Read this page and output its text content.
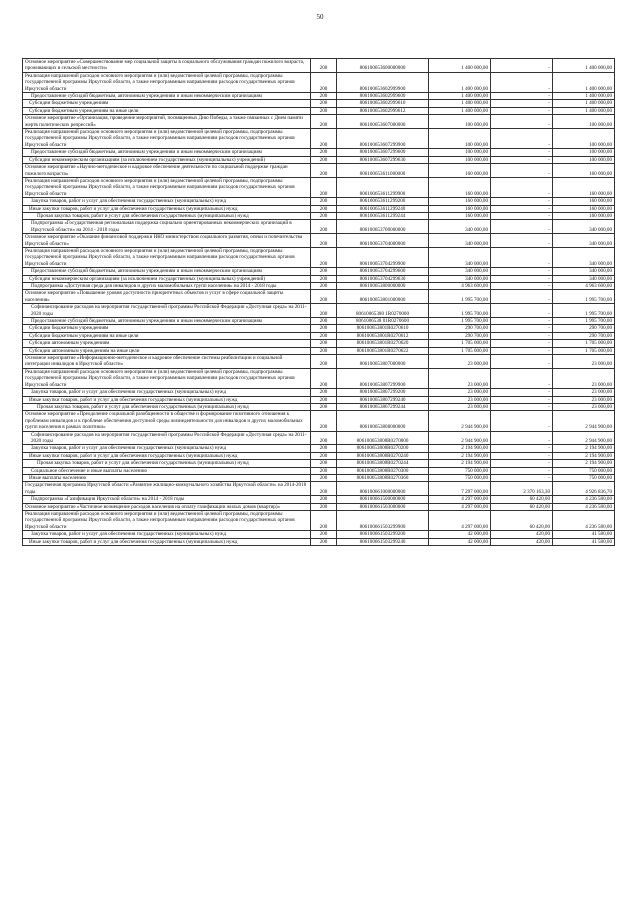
50
Основное мероприятие «Совершенствование мер социальной защиты в социального обслуживания граждан пожилого возраста, проживающих в сельской местности»	200	806100653600000000	1 400 000,00	-	1 400 000,00
Реализация направлений расходов основного мероприятия и (или) ведомственной целевой программы, подпрограммы государственной программы Иркутской области, а также непрограммным направлениям расходов государственных органов Иркутской области	200	806100653602999900	1 400 000,00	-	1 400 000,00
Предоставление субсидий бюджетным, автономным учреждениям и иным некоммерческим организациям	200	806100653602999600	1 400 000,00	-	1 400 000,00
Субсидии бюджетным учреждениям	200	806100653602999610	1 400 000,00	-	1 400 000,00
Субсидии бюджетным учреждениям на иные цели	200	806100653602999612	1 400 000,00	-	1 400 000,00
Основное мероприятие «Организация, проведение мероприятий, посвященных Дню Победы, а также связанных с Днем памяти жертв политических репрессий»	200	806100653607000000	100 000,00	-	100 000,00
Реализация направлений расходов основного мероприятия и (или) ведомственной целевой программы, подпрограммы государственной программы Иркутской области, а также непрограммным направлениям расходов государственных органов Иркутской области	200	806100653607299900	100 000,00	-	100 000,00
Предоставление субсидий бюджетным, автономным учреждениям и иным некоммерческим организациям	200	806100653607299600	100 000,00	-	100 000,00
Субсидии некоммерческим организациям (за исключением государственных (муниципальных) учреждений)	200	806100653607299630	100 000,00	-	100 000,00
Основное мероприятие «Научно-методическое и кадровое обеспечение деятельности по социальной поддержке граждан пожилого возраста»	200	806100653611000000	160 000,00	-	160 000,00
Реализация направлений расходов основного мероприятия и (или) ведомственной целевой программы, подпрограммы государственной программы Иркутской области, а также непрограммным направлениям расходов государственных органов Иркутской области	200	806100653611299900	160 000,00	-	160 000,00
Закупка товаров, работ и услуг для обеспечения государственных (муниципальных) нужд	200	806100653611299200	160 000,00	-	160 000,00
Иные закупки товаров, работ и услуг для обеспечения государственных (муниципальных) нужд	200	806100653611299240	160 000,00	-	160 000,00
Прочая закупка товаров, работ и услуг для обеспечения государственных (муниципальных) нужд	200	806100653611299244	160 000,00	-	160 000,00
Подпрограмма «Государственная региональная поддержка социально ориентированных некоммерческих организаций в Иркутской области» на 2014 - 2018 годы	200	806100653700000000	340 000,00	-	340 000,00
Основное мероприятие «Оказание финансовой поддержки НКО министерством социального развития, опеки и попечительства Иркутской области»	200	806100653704000000	340 000,00	-	340 000,00
Реализация направлений расходов основного мероприятия и (или) ведомственной целевой программы, подпрограммы государственной программы Иркутской области, а также непрограммным направлениям расходов государственных органов Иркутской области	200	806100653704299900	340 000,00	-	340 000,00
Предоставление субсидий бюджетным, автономным учреждениям и иным некоммерческим организациям	200	806100653704299600	340 000,00	-	340 000,00
Субсидии некоммерческим организациям (за исключением государственных (муниципальных) учреждений)	200	806100653704299630	340 000,00	-	340 000,00
Подпрограмма «Доступная среда для инвалидов и других маломобильных групп населения» на 2014 - 2018 годы	200	806100653800000000	4 963 600,00	-	4 963 600,00
Основное мероприятие «Повышение уровня доступности приоритетных объектов и услуг в сфере социальной защиты населения»	200	806100653801000000	1 995 700,00	-	1 995 700,00
Софинансирование расходов на мероприятия государственной программы Российской Федерации «Доступная среда» на 2011-2020 годы	200	80610065380 1R0270000	1 995 700,00	-	1 995 700,00
Предоставление субсидий бюджетным, автономным учреждениям и иным некоммерческим организациям	200	8061006538 01R0270600	1 995 700,00	-	1 995 700,00
Субсидии бюджетным учреждениям	200	806100653801R0270610	290 700,00	-	290 700,00
Субсидии бюджетным учреждениям на иные цели	200	806100653801R0270612	290 700,00	-	290 700,00
Субсидии автономным учреждениям	200	806100653801R0270620	1 705 000,00	-	1 705 000,00
Субсидии автономным учреждениям на иные цели	200	806100653801R0270622	1 705 000,00	-	1 705 000,00
Основное мероприятие «Информационно-методическое и кадровое обеспечение системы реабилитации и социальной интеграции инвалидов в Иркутской области»	200	806100653807000000	23 000,00	-	23 000,00
Реализация направлений расходов основного мероприятия и (или) ведомственной целевой программы, подпрограммы государственной программы Иркутской области, а также непрограммным направлениям расходов государственных органов Иркутской области	200	806100653807299900	23 000,00	-	23 000,00
Закупка товаров, работ и услуг для обеспечения государственных (муниципальных) нужд	200	806100653807299200	23 000,00	-	23 000,00
Иные закупки товаров, работ и услуг для обеспечения государственных (муниципальных) нужд	200	806100653807299240	23 000,00	-	23 000,00
Прочая закупка товаров, работ и услуг для обеспечения государственных (муниципальных) нужд	200	806100653807299244	23 000,00	-	23 000,00
Основное мероприятие «Преодоление социальной разобщенности в обществе и формирование позитивного отношения к проблемам инвалидов и к проблеме обеспечения доступной среды жизнедеятельности для инвалидов и других маломобильных групп населения в рамках политики»	200	806100653808000000	2 944 900,00	-	2 944 900,00
Софинансирование расходов на мероприятия государственной программы Российской Федерации «Доступная среда» на 2011-2020 годы	200	806100653808R0270000	2 944 900,00	-	2 944 900,00
Закупка товаров, работ и услуг для обеспечения государственных (муниципальных) нужд	200	806100653808R0270200	2 194 900,00	-	2 194 900,00
Иные закупки товаров, работ и услуг для обеспечения государственных (муниципальных) нужд	200	806100653808R0270240	2 194 900,00	-	2 194 900,00
Прочая закупка товаров, работ и услуг для обеспечения государственных (муниципальных) нужд	200	806100653808R0270244	2 194 900,00	-	2 194 900,00
Социальное обеспечение и иные выплаты населению	200	806100653808R0270300	750 000,00	-	750 000,00
Иные выплаты населению	200	806100653808R0270360	750 000,00	-	750 000,00
Государственная программа Иркутской области «Развитие жилищно-коммунального хозяйства Иркутской области» на 2014-2018 годы	200	806100661000000000	7 297 000,00	2 370 163,30	4 926 836,70
Подпрограмма «Газификация Иркутской области» на 2014 - 2018 годы	200	806100661500000000	4 297 000,00	60 420,00	4 236 580,00
Основное мероприятие «Частичное возмещение расходов населения на оплату газификации жилых домов (квартир)»	200	806100661503000000	4 297 000,00	60 420,00	4 236 580,00
Реализация направлений расходов основного мероприятия и (или) ведомственной целевой программы, подпрограммы государственной программы Иркутской области, а также непрограммным направлениям расходов государственных органов Иркутской области	200	806100661503299900	4 297 000,00	60 420,00	4 236 580,00
Закупка товаров, работ и услуг для обеспечения государственных (муниципальных) нужд	200	806100661503299200	42 000,00	420,00	41 580,00
Иные закупки товаров, работ и услуг для обеспечения государственных (муниципальных) нужд	200	806100661503299240	42 000,00	420,00	41 580,00
